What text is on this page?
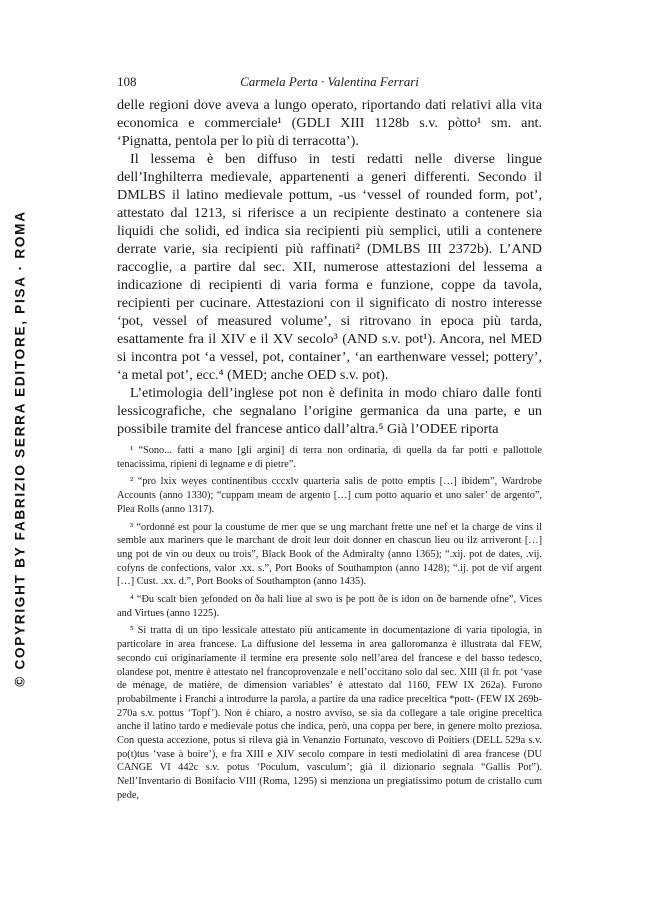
© COPYRIGHT BY FABRIZIO SERRA EDITORE, PISA · ROMA
108	Carmela Perta · Valentina Ferrari

delle regioni dove aveva a lungo operato, riportando dati relativi alla vita economica e commerciale¹ (GDLI XIII 1128b s.v. pòtto¹ sm. ant. ‘Pignatta, pentola per lo più di terracotta’).

Il lessema è ben diffuso in testi redatti nelle diverse lingue dell’Inghilterra medievale, appartenenti a generi differenti. Secondo il DMLBS il latino medievale pottum, -us ‘vessel of rounded form, pot’, attestato dal 1213, si riferisce a un recipiente destinato a contenere sia liquidi che solidi, ed indica sia recipienti più semplici, utili a contenere derrate varie, sia recipienti più raffinati² (DMLBS III 2372b). L’AND raccoglie, a partire dal sec. XII, numerose attestazioni del lessema a indicazione di recipienti di varia forma e funzione, coppe da tavola, recipienti per cucinare. Attestazioni con il significato di nostro interesse ‘pot, vessel of measured volume’, si ritrovano in epoca più tarda, esattamente fra il XIV e il XV secolo³ (AND s.v. pot¹). Ancora, nel MED si incontra pot ‘a vessel, pot, container’, ‘an earthenware vessel; pottery’, ‘a metal pot’, ecc.⁴ (MED; anche OED s.v. pot).

L’etimologia dell’inglese pot non è definita in modo chiaro dalle fonti lessicografiche, che segnalano l’origine germanica da una parte, e un possibile tramite del francese antico dall’altra.⁵ Già l’ODEE riporta

¹ “Sono... fatti a mano [gli argini] di terra non ordinaria, di quella da far potti e pallottole tenacissima, ripieni di legname e di pietre”.

² “pro lxix weyes continentibus cccxlv quarteria salis de potto emptis […] ibidem”, Wardrobe Accounts (anno 1330); “cuppam meam de argento […] cum potto aquario et uno saler’ de argento”, Plea Rolls (anno 1317).

³ “ordonné est pour la coustume de mer que se ung marchant frette une nef et la charge de vins il semble aux mariners que le marchant de droit leur doit donner en chascun lieu ou ilz arriveront […] ung pot de vin ou deux ou trois”, Black Book of the Admiralty (anno 1365); “.xij. pot de dates, .vij. cofyns de confections, valor .xx. s.”, Port Books of Southampton (anno 1428); “.ij. pot de vif argent […] Cust. .xx. d.”, Port Books of Southampton (anno 1435).

⁴ “Ðu scalt bien ȝefonded on ða hali liue al swo is þe pott ðe is idon on ðe barnende ofne”, Vices and Virtues (anno 1225).

⁵ Si tratta di un tipo lessicale attestato più anticamente in documentazione di varia tipologia, in particolare in area francese. La diffusione del lessema in area galloromanza è illustrata dal FEW, secondo cui originariamente il termine era presente solo nell’area del francese e del basso tedesco, olandese pot, mentre è attestato nel francoprovenzale e nell’occitano solo dal sec. XIII (il fr. pot ‘vase de ménage, de matière, de dimension variables’ è attestato dal 1160, FEW IX 262a). Furono probabilmente i Franchi a introdurre la parola, a partire da una radice preceltica *pott- (FEW IX 269b-270a s.v. pottus ‘Topf’). Non è chiaro, a nostro avviso, se sia da collegare a tale origine preceltica anche il latino tardo e medievale potus che indica, però, una coppa per bere, in genere molto preziosa. Con questa accezione, potus si rileva già in Venanzio Fortunato, vescovo di Poitiers (DELL 529a s.v. po(t)tus ‘vase à boire’), e fra XIII e XIV secolo compare in testi mediolatini di area francese (DU CANGE VI 442c s.v. potus ‘Poculum, vasculum’; già il dizionario segnala “Gallis Pot”). Nell’Inventario di Bonifacio VIII (Roma, 1295) si menziona un pregiatissimo potum de cristallo cum pede,
